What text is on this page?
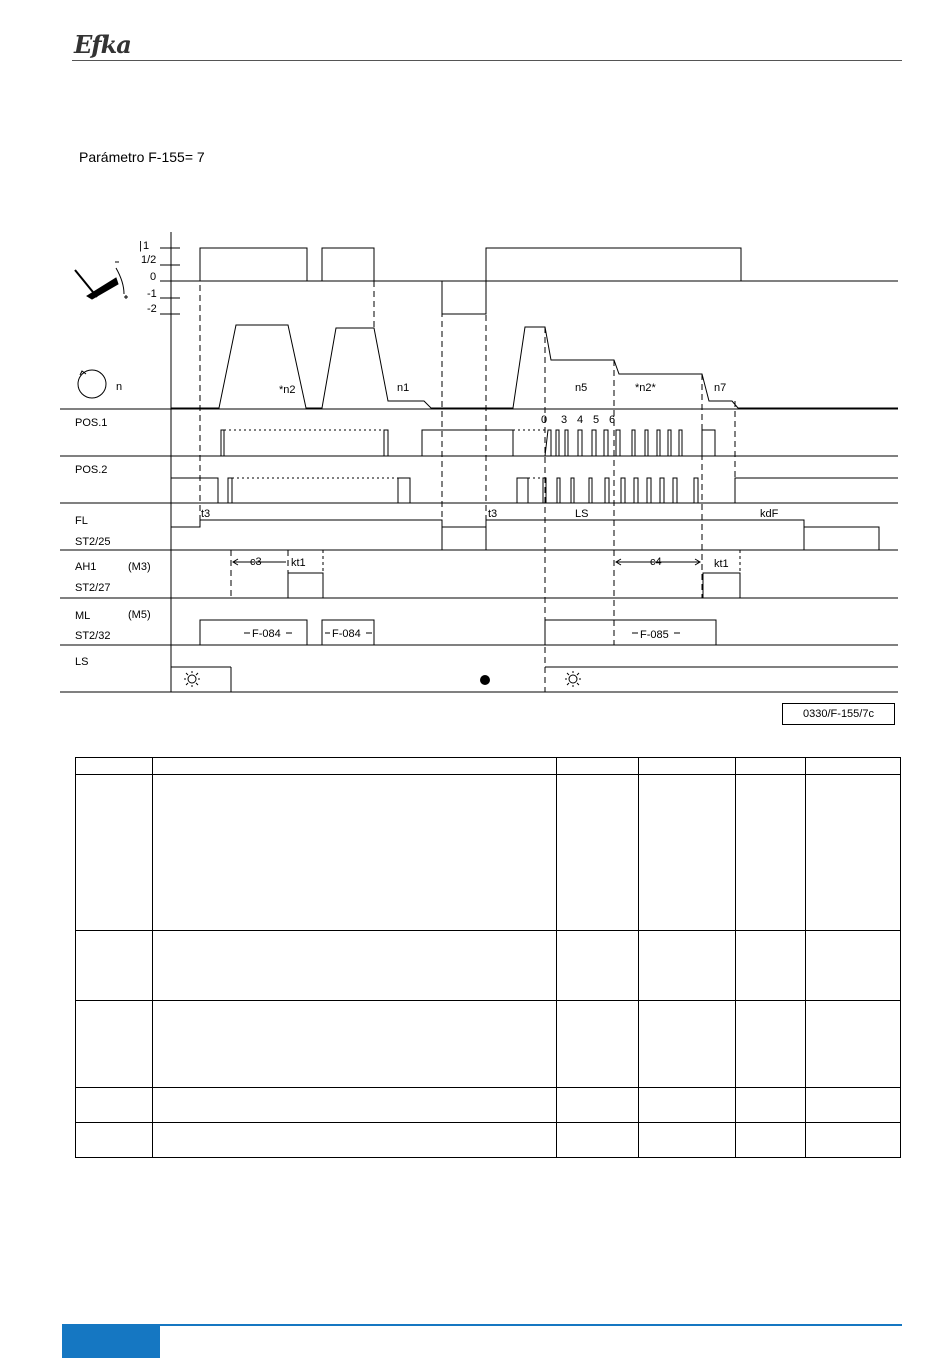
Efka
Parámetro F-155= 7
1
|
1/2
0
-1
-2
n	*n2	n1	n5	*n2*	n7
0 3 4 5 6
POS.1
POS.2
FL
ST2/25
AH1	(M3)
ST2/27
ML	(M5)
ST2/32
LS
t3	t3	LS	kdF
c3	kt1	c4	kt1
F-084	F-084	F-085
0330/F-155/7c
